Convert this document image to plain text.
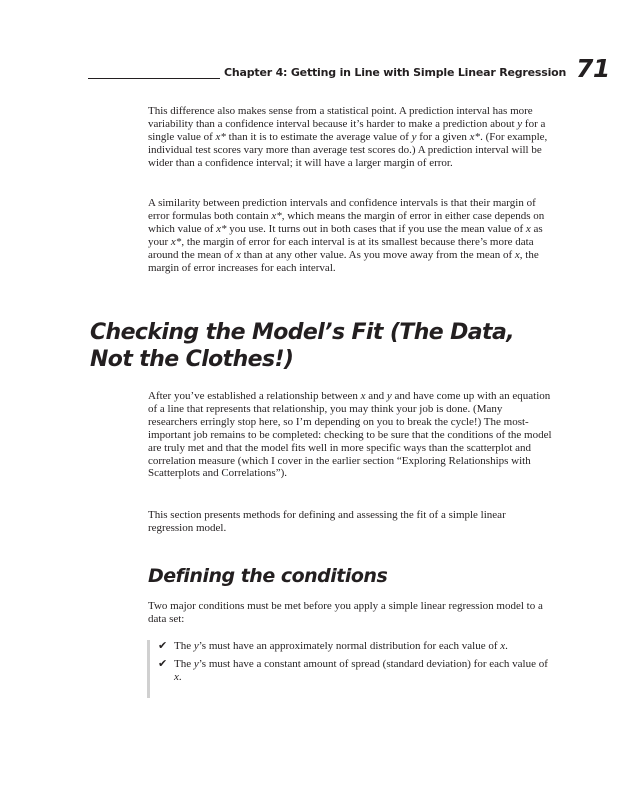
Chapter 4: Getting in Line with Simple Linear Regression 71

This difference also makes sense from a statistical point. A prediction interval has more variability than a confidence interval because it’s harder to make a prediction about y for a single value of x* than it is to estimate the average value of y for a given x*. (For example, individual test scores vary more than average test scores do.) A prediction interval will be wider than a confidence interval; it will have a larger margin of error.

A similarity between prediction intervals and confidence intervals is that their margin of error formulas both contain x*, which means the margin of error in either case depends on which value of x* you use. It turns out in both cases that if you use the mean value of x as your x*, the margin of error for each interval is at its smallest because there’s more data around the mean of x than at any other value. As you move away from the mean of x, the margin of error increases for each interval.

Checking the Model’s Fit (The Data,
Not the Clothes!)

After you’ve established a relationship between x and y and have come up with an equation of a line that represents that relationship, you may think your job is done. (Many researchers erringly stop here, so I’m depending on you to break the cycle!) The most-important job remains to be completed: checking to be sure that the conditions of the model are truly met and that the model fits well in more specific ways than the scatterplot and correlation measure (which I cover in the earlier section “Exploring Relationships with Scatterplots and Correlations”).

This section presents methods for defining and assessing the fit of a simple linear regression model.

Defining the conditions

Two major conditions must be met before you apply a simple linear regression model to a data set:

✔ The y’s must have an approximately normal distribution for each value of x.
✔ The y’s must have a constant amount of spread (standard deviation) for each value of x.
